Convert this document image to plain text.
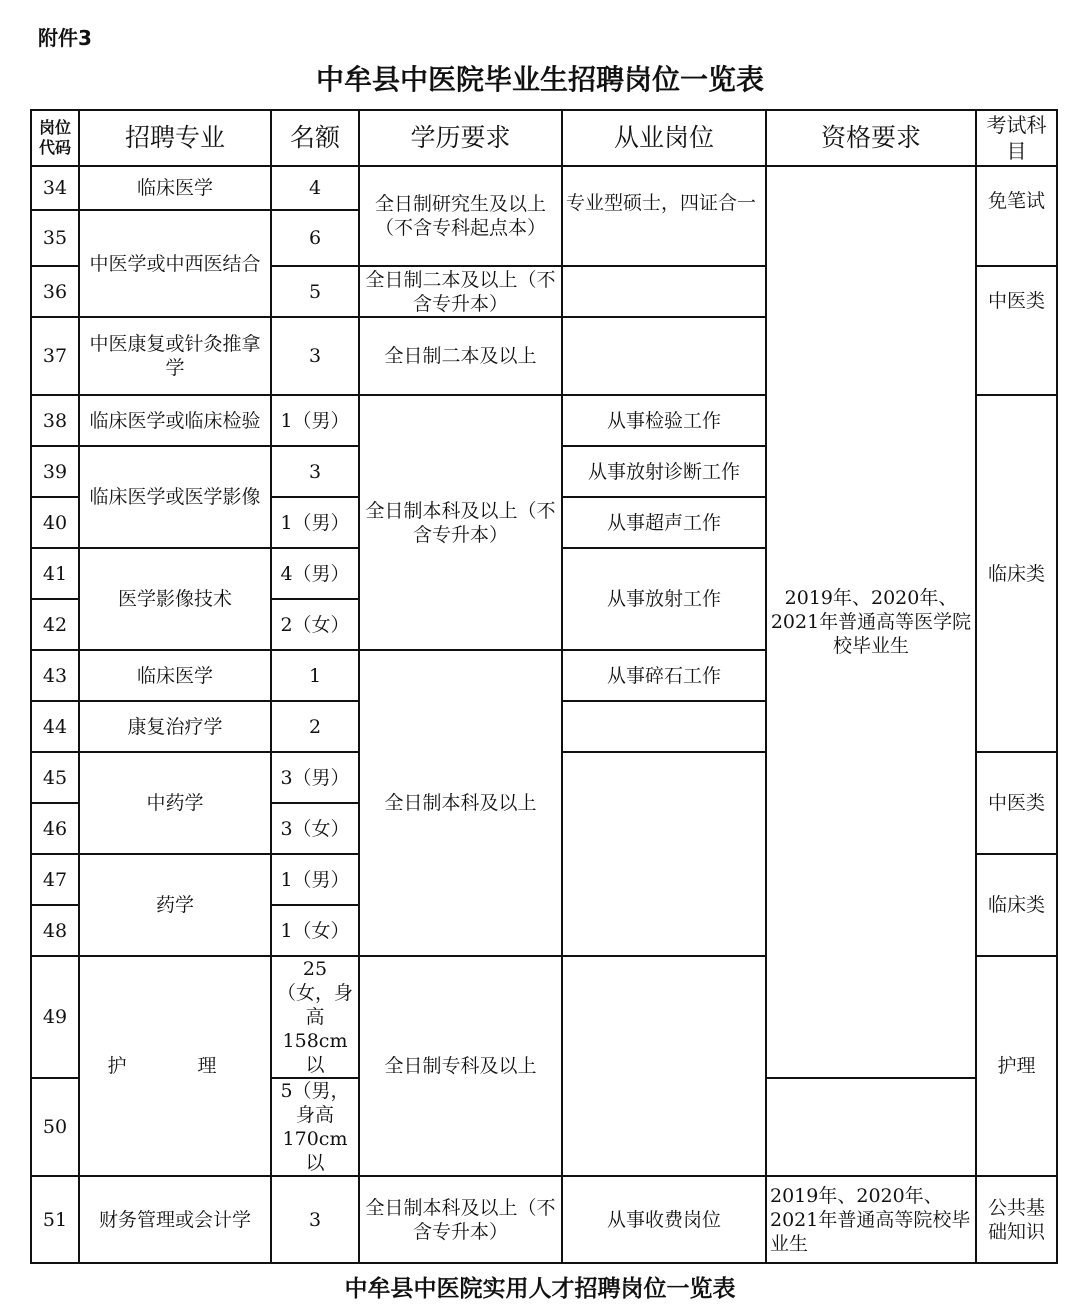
附件3
中牟县中医院毕业生招聘岗位一览表
岗位代码	招聘专业	名额	学历要求	从业岗位	资格要求	考试科目
34	临床医学	4	全日制研究生及以上（不含专科起点本）	专业型硕士，四证合一	2019年、2020年、2021年普通高等医学院校毕业生	免笔试
35	中医学或中西医结合	6				
36		5	全日制二本及以上（不含专升本）			中医类
37	中医康复或针灸推拿学	3	全日制二本及以上			
38	临床医学或临床检验	1（男）	全日制本科及以上（不含专升本）	从事检验工作		临床类
39	临床医学或医学影像	3		从事放射诊断工作		
40		1（男）		从事超声工作		
41	医学影像技术	4（男）		从事放射工作		
42		2（女）				
43	临床医学	1	全日制本科及以上	从事碎石工作		
44	康复治疗学	2				
45	中药学	3（男）				中医类
46		3（女）				
47	药学	1（男）				临床类
48		1（女）				
49	护　理	25（女，身高158cm以	全日制专科及以上			护理
50		5（男，身高170cm以				
51	财务管理或会计学	3	全日制本科及以上（不含专升本）	从事收费岗位	2019年、2020年、2021年普通高等院校毕业生	公共基础知识
中牟县中医院实用人才招聘岗位一览表
